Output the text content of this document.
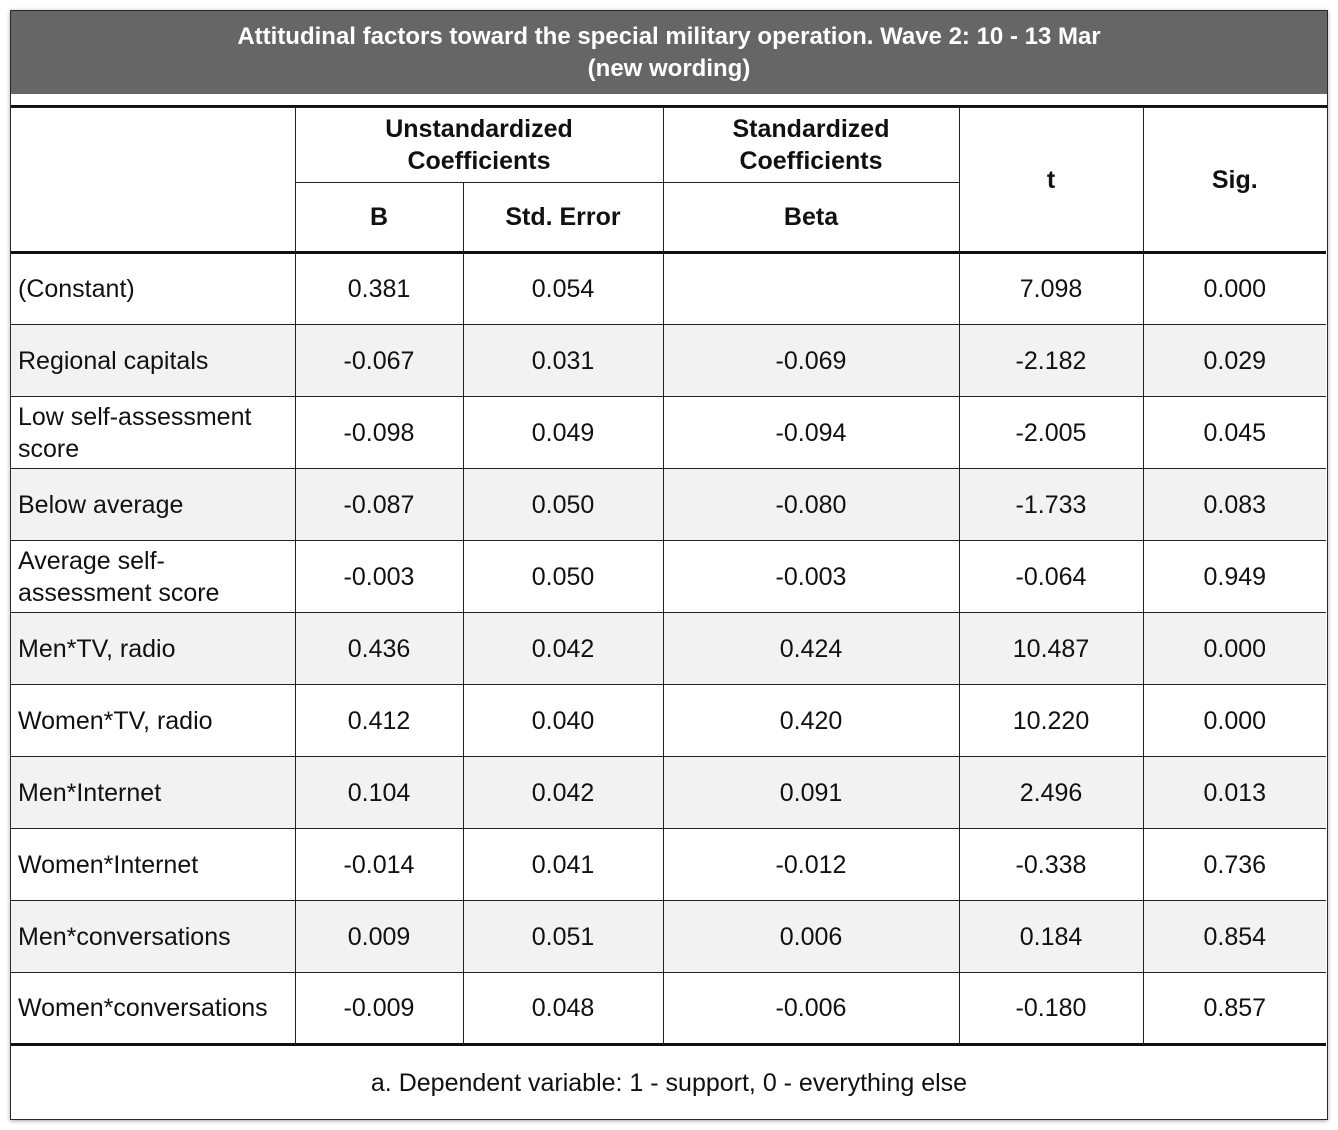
Attitudinal factors toward the special military operation. Wave 2: 10 - 13 Mar
(new wording)
	Unstandardized Coefficients		Standardized Coefficients	t	Sig.
	B	Std. Error	Beta		
(Constant)	0.381	0.054		7.098	0.000
Regional capitals	-0.067	0.031	-0.069	-2.182	0.029
Low self-assessment score	-0.098	0.049	-0.094	-2.005	0.045
Below average	-0.087	0.050	-0.080	-1.733	0.083
Average self-assessment score	-0.003	0.050	-0.003	-0.064	0.949
Men*TV, radio	0.436	0.042	0.424	10.487	0.000
Women*TV, radio	0.412	0.040	0.420	10.220	0.000
Men*Internet	0.104	0.042	0.091	2.496	0.013
Women*Internet	-0.014	0.041	-0.012	-0.338	0.736
Men*conversations	0.009	0.051	0.006	0.184	0.854
Women*conversations	-0.009	0.048	-0.006	-0.180	0.857
a. Dependent variable: 1 - support, 0 - everything else
